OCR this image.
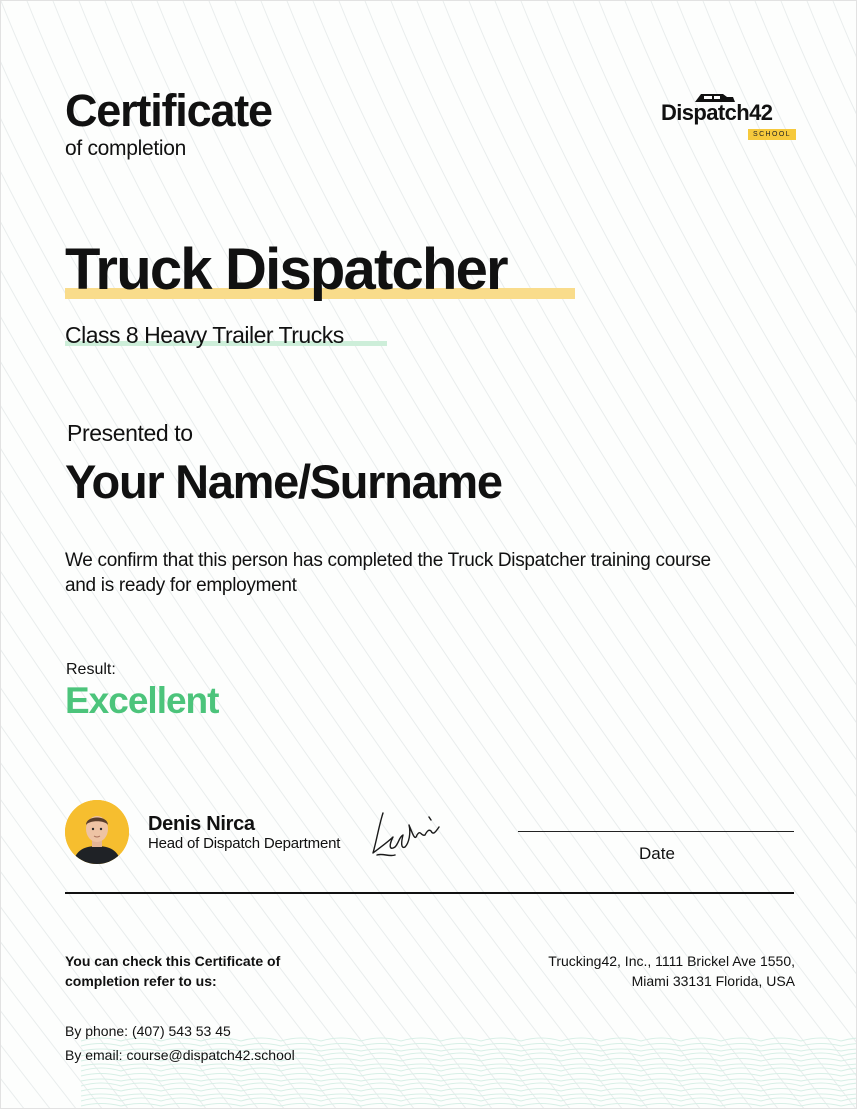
Certificate
of completion
Dispatch42
SCHOOL
Truck Dispatcher
Class 8 Heavy Trailer Trucks
Presented to
Your Name/Surname

We confirm that this person has completed the Truck Dispatcher training course and is ready for employment

Result:
Excellent
Denis Nirca
Head of Dispatch Department
Date
You can check this Certificate of completion refer to us:
Trucking42, Inc., 1111 Brickel Ave 1550,
Miami 33131 Florida, USA
By phone: (407) 543 53 45
By email: course@dispatch42.school
